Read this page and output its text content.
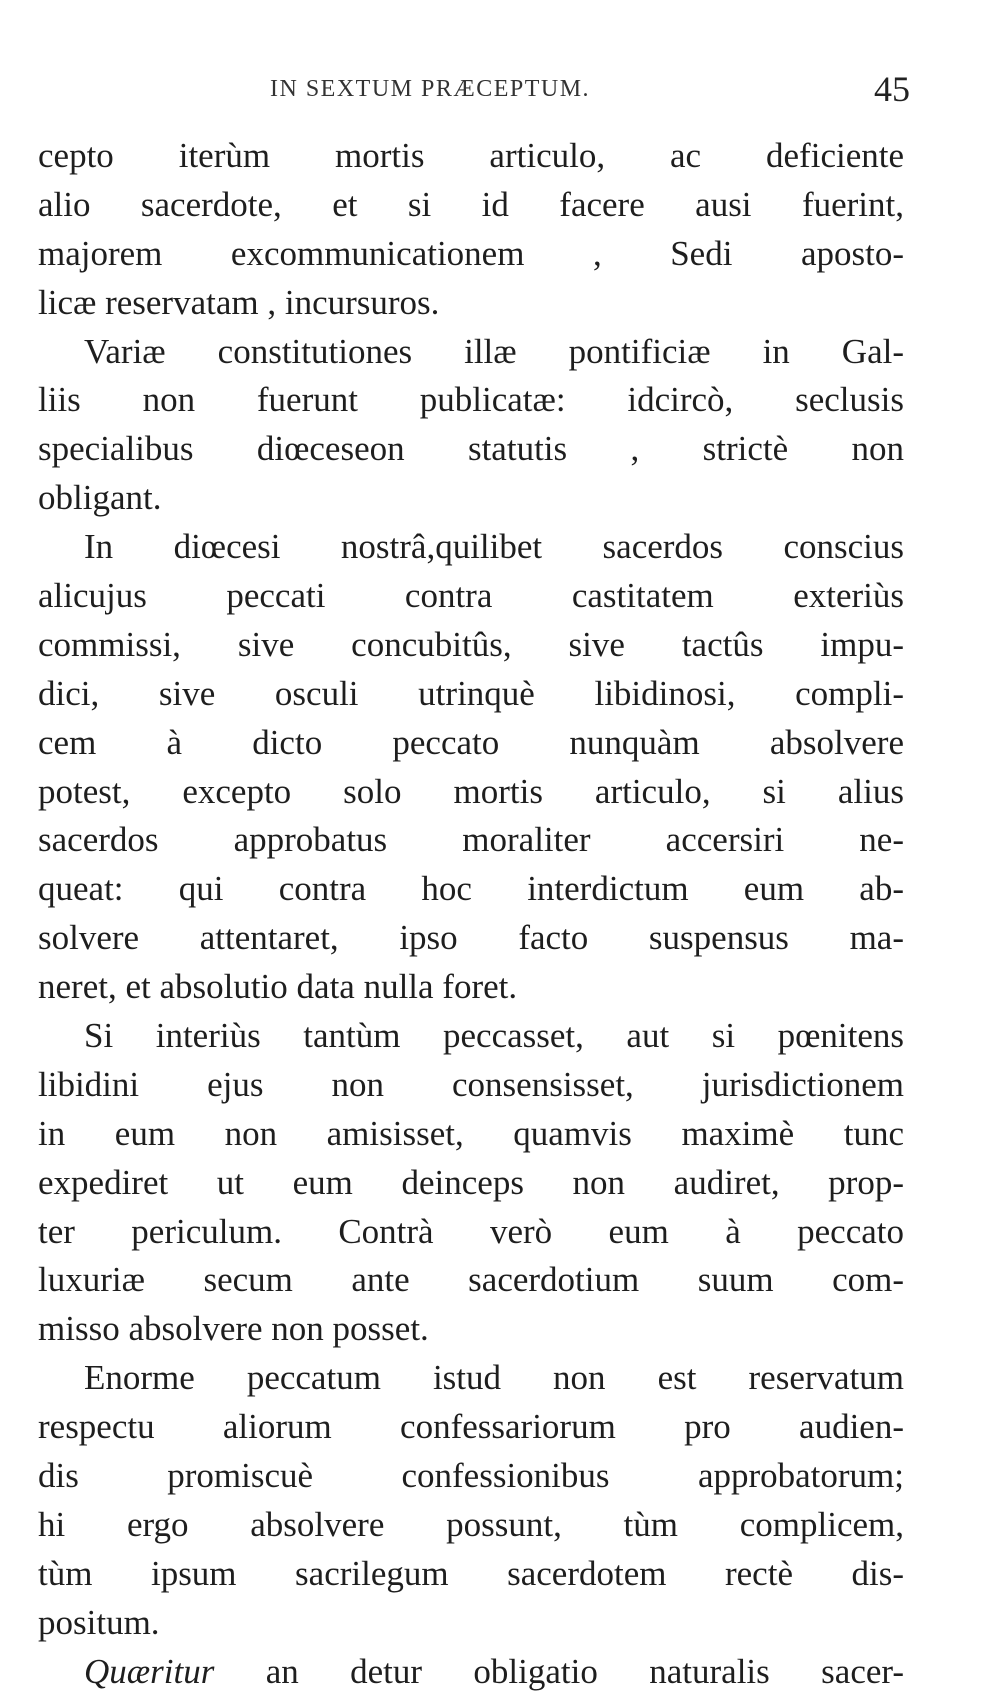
IN SEXTUM PRÆCEPTUM.	45
cepto iterùm mortis articulo, ac deficiente
alio sacerdote, et si id facere ausi fuerint,
majorem excommunicationem , Sedi aposto-
licæ reservatam , incursuros.
Variæ constitutiones illæ pontificiæ in Gal-
liis non fuerunt publicatæ: idcircò, seclusis
specialibus diœceseon statutis , strictè non
obligant.
In diœcesi nostrâ,quilibet sacerdos conscius
alicujus peccati contra castitatem exteriùs
commissi, sive concubitûs, sive tactûs impu-
dici, sive osculi utrinquè libidinosi, compli-
cem à dicto peccato nunquàm absolvere
potest, excepto solo mortis articulo, si alius
sacerdos approbatus moraliter accersiri ne-
queat: qui contra hoc interdictum eum ab-
solvere attentaret, ipso facto suspensus ma-
neret, et absolutio data nulla foret.
Si interiùs tantùm peccasset, aut si pœnitens
libidini ejus non consensisset, jurisdictionem
in eum non amisisset, quamvis maximè tunc
expediret ut eum deinceps non audiret, prop-
ter periculum. Contrà verò eum à peccato
luxuriæ secum ante sacerdotium suum com-
misso absolvere non posset.
Enorme peccatum istud non est reservatum
respectu aliorum confessariorum pro audien-
dis promiscuè confessionibus approbatorum;
hi ergo absolvere possunt, tùm complicem,
tùm ipsum sacrilegum sacerdotem rectè dis-
positum.
Quæritur an detur obligatio naturalis sacer-
